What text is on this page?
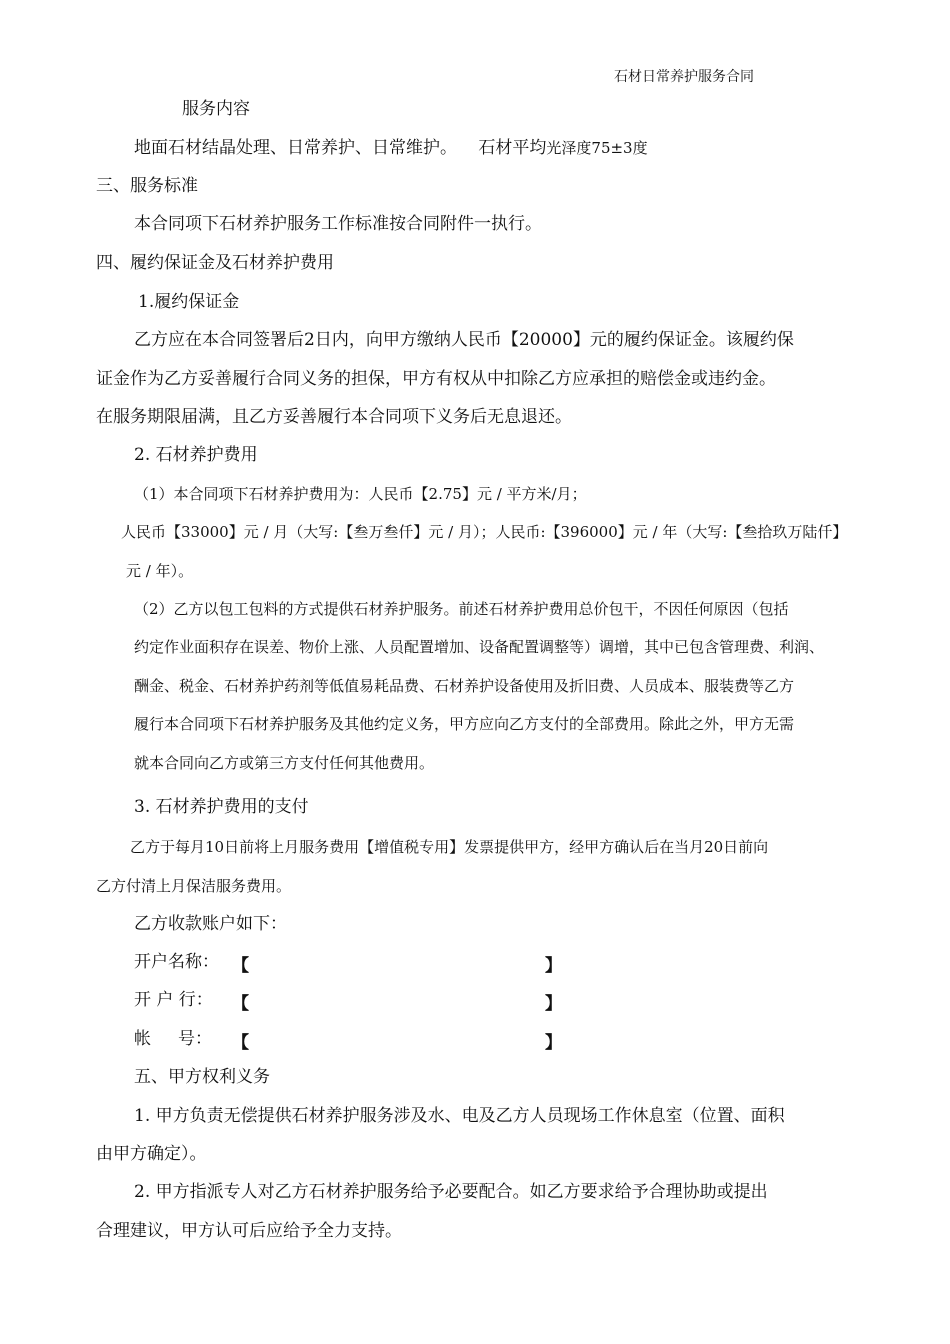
石材日常养护服务合同
服务内容
地面石材结晶处理、日常养护、日常维护。 石材平均光泽度75±3度
三、服务标准
本合同项下石材养护服务工作标准按合同附件一执行。
四、履约保证金及石材养护费用
1.履约保证金
乙方应在本合同签署后2日内，向甲方缴纳人民币【20000】元的履约保证金。该履约保
证金作为乙方妥善履行合同义务的担保，甲方有权从中扣除乙方应承担的赔偿金或违约金。
在服务期限届满，且乙方妥善履行本合同项下义务后无息退还。
2. 石材养护费用
（1）本合同项下石材养护费用为：人民币【2.75】元 / 平方米/月；
人民币【33000】元 / 月（大写:【叁万叁仟】元 / 月）；人民币:【396000】元 / 年（大写:【叁拾玖万陆仟】
元 / 年）。
（2）乙方以包工包料的方式提供石材养护服务。前述石材养护费用总价包干，不因任何原因（包括
约定作业面积存在误差、物价上涨、人员配置增加、设备配置调整等）调增，其中已包含管理费、利润、
酬金、税金、石材养护药剂等低值易耗品费、石材养护设备使用及折旧费、人员成本、服装费等乙方
履行本合同项下石材养护服务及其他约定义务，甲方应向乙方支付的全部费用。除此之外，甲方无需
就本合同向乙方或第三方支付任何其他费用。
3. 石材养护费用的支付
乙方于每月10日前将上月服务费用【增值税专用】发票提供甲方，经甲方确认后在当月20日前向
乙方付清上月保洁服务费用。
乙方收款账户如下：
开户名称： 【	】
开 户 行： 【	】
帐     号： 【	】
五、甲方权利义务
1. 甲方负责无偿提供石材养护服务涉及水、电及乙方人员现场工作休息室（位置、面积
由甲方确定）。
2. 甲方指派专人对乙方石材养护服务给予必要配合。如乙方要求给予合理协助或提出
合理建议，甲方认可后应给予全力支持。
